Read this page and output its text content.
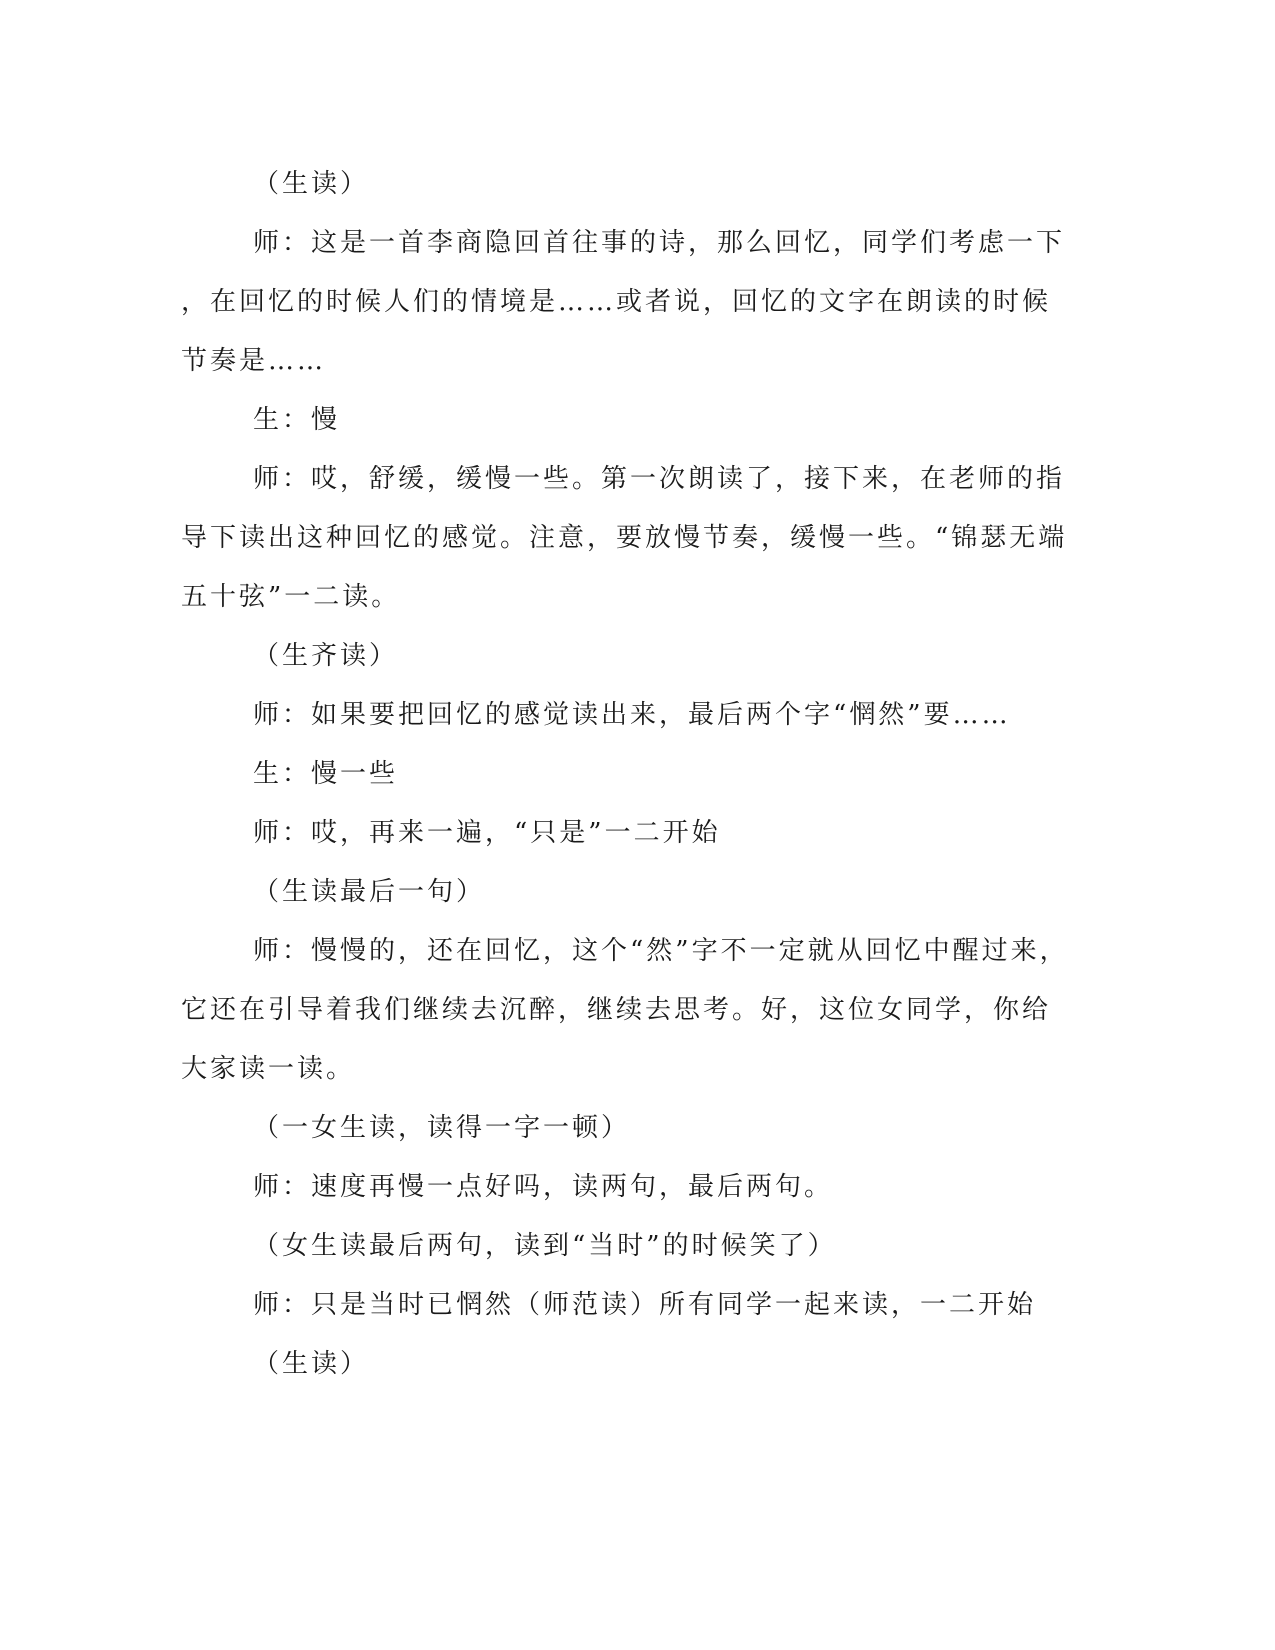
（生读）

师：这是一首李商隐回首往事的诗，那么回忆，同学们考虑一下
，在回忆的时候人们的情境是……或者说，回忆的文字在朗读的时候
节奏是……

生：慢

师：哎，舒缓，缓慢一些。第一次朗读了，接下来，在老师的指
导下读出这种回忆的感觉。注意，要放慢节奏，缓慢一些。“锦瑟无端
五十弦”一二读。

（生齐读）

师：如果要把回忆的感觉读出来，最后两个字“惘然”要……

生：慢一些

师：哎，再来一遍，“只是”一二开始

（生读最后一句）

师：慢慢的，还在回忆，这个“然”字不一定就从回忆中醒过来，
它还在引导着我们继续去沉醉，继续去思考。好，这位女同学，你给
大家读一读。

（一女生读，读得一字一顿）

师：速度再慢一点好吗，读两句，最后两句。

（女生读最后两句，读到“当时”的时候笑了）

师：只是当时已惘然（师范读）所有同学一起来读，一二开始

（生读）
